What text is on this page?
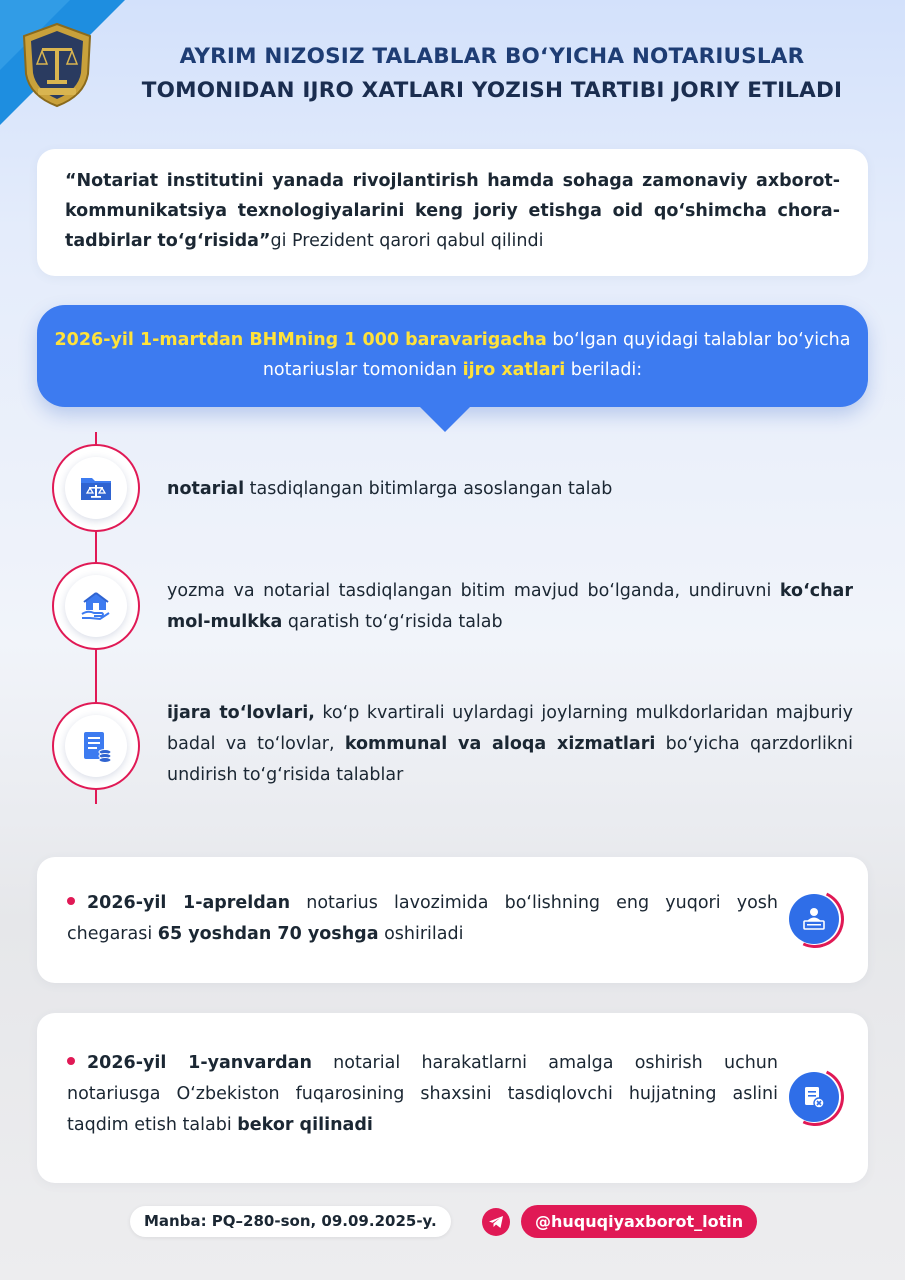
AYRIM NIZOSIZ TALABLAR BO‘YICHA NOTARIUSLAR
TOMONIDAN IJRO XATLARI YOZISH TARTIBI JORIY ETILADI

“Notariat institutini yanada rivojlantirish hamda sohaga zamonaviy axborot-kommunikatsiya texnologiyalarini keng joriy etishga oid qo‘shimcha chora-tadbirlar to‘g‘risida”gi Prezident qarori qabul qilindi

2026-yil 1-martdan BHMning 1 000 baravarigacha bo‘lgan quyidagi talablar bo‘yicha notariuslar tomonidan ijro xatlari beriladi:
notarial tasdiqlangan bitimlarga asoslangan talab
yozma va notarial tasdiqlangan bitim mavjud bo‘lganda, undiruvni ko‘char mol-mulkka qaratish to‘g‘risida talab
ijara to‘lovlari, ko‘p kvartirali uylardagi joylarning mulkdorlaridan majburiy badal va to‘lovlar, kommunal va aloqa xizmatlari bo‘yicha qarzdorlikni undirish to‘g‘risida talablar

2026-yil 1-apreldan notarius lavozimida bo‘lishning eng yuqori yosh chegarasi 65 yoshdan 70 yoshga oshiriladi

2026-yil 1-yanvardan notarial harakatlarni amalga oshirish uchun notariusga O‘zbekiston fuqarosining shaxsini tasdiqlovchi hujjatning aslini taqdim etish talabi bekor qilinadi

Manba: PQ–280-son, 09.09.2025-y.	@huquqiyaxborot_lotin
